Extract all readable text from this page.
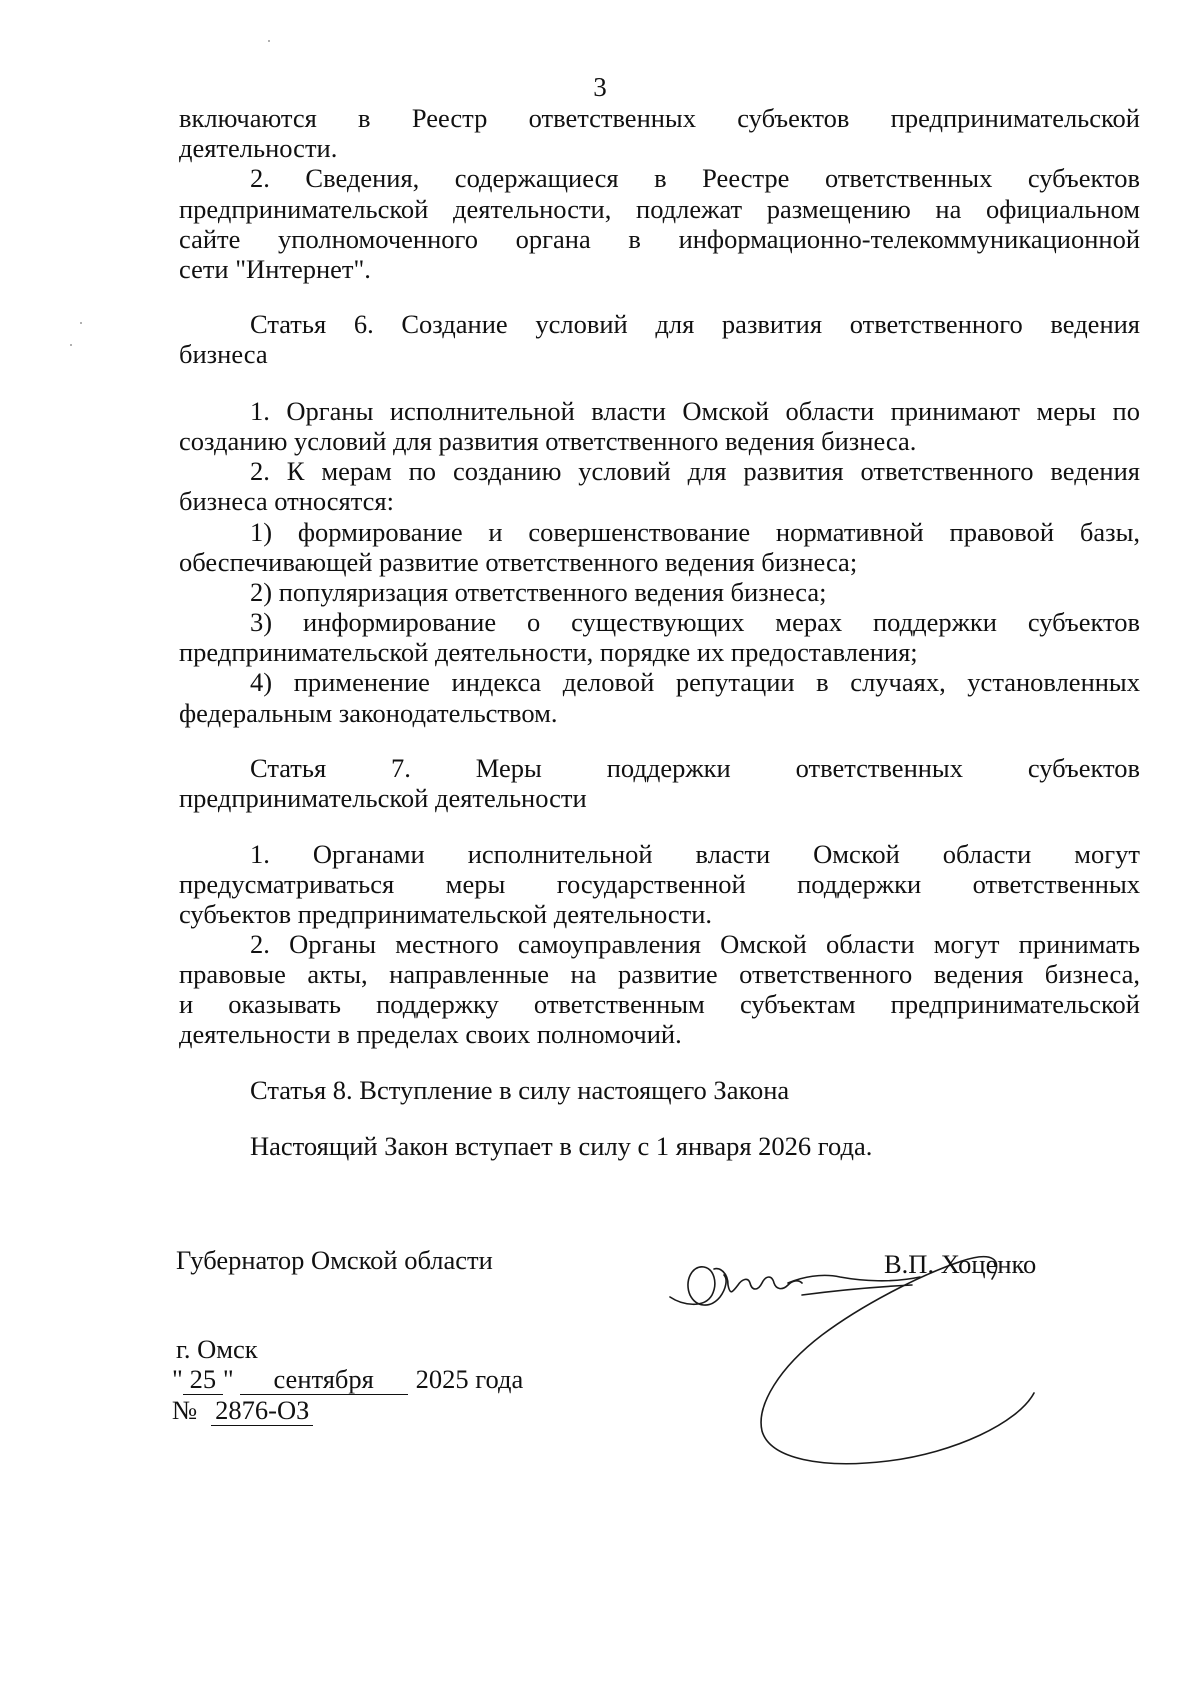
3
включаются в Реестр ответственных субъектов предпринимательской
деятельности.
2. Сведения, содержащиеся в Реестре ответственных субъектов
предпринимательской деятельности, подлежат размещению на официальном
сайте уполномоченного органа в информационно-телекоммуникационной
сети "Интернет".
Статья 6. Создание условий для развития ответственного ведения
бизнеса
1. Органы исполнительной власти Омской области принимают меры по
созданию условий для развития ответственного ведения бизнеса.
2. К мерам по созданию условий для развития ответственного ведения
бизнеса относятся:
1) формирование и совершенствование нормативной правовой базы,
обеспечивающей развитие ответственного ведения бизнеса;
2) популяризация ответственного ведения бизнеса;
3) информирование о существующих мерах поддержки субъектов
предпринимательской деятельности, порядке их предоставления;
4) применение индекса деловой репутации в случаях, установленных
федеральным законодательством.
Статья 7. Меры поддержки ответственных субъектов
предпринимательской деятельности
1. Органами исполнительной власти Омской области могут
предусматриваться меры государственной поддержки ответственных
субъектов предпринимательской деятельности.
2. Органы местного самоуправления Омской области могут принимать
правовые акты, направленные на развитие ответственного ведения бизнеса,
и оказывать поддержку ответственным субъектам предпринимательской
деятельности в пределах своих полномочий.
Статья 8. Вступление в силу настоящего Закона
Настоящий Закон вступает в силу с 1 января 2026 года.
Губернатор Омской области	В.П. Хоценко
г. Омск
" 25 " сентября 2025 года
№ 2876-ОЗ
